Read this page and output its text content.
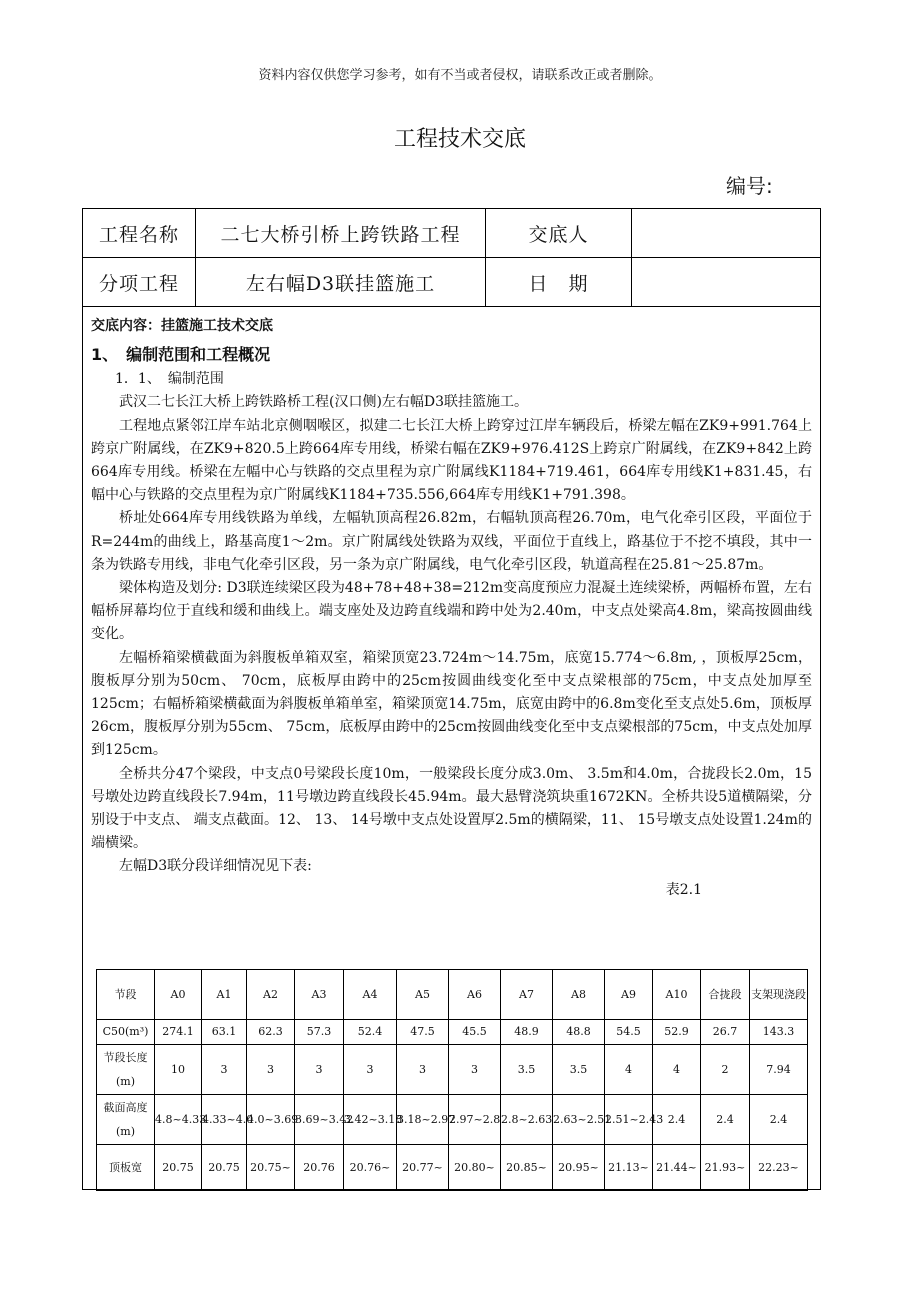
资料内容仅供您学习参考，如有不当或者侵权，请联系改正或者删除。
工程技术交底
编号:
工程名称	二七大桥引桥上跨铁路工程	交底人
分项工程	左右幅D3联挂篮施工	日　期

交底内容：挂篮施工技术交底

1、　编制范围和工程概况

1．1、　编制范围

武汉二七长江大桥上跨铁路桥工程(汉口侧)左右幅D3联挂篮施工。

工程地点紧邻江岸车站北京侧咽喉区，拟建二七长江大桥上跨穿过江岸车辆段后，桥梁左幅在ZK9+991.764上跨京广附属线，在ZK9+820.5上跨664库专用线，桥梁右幅在ZK9+976.412S上跨京广附属线，在ZK9+842上跨664库专用线。桥梁在左幅中心与铁路的交点里程为京广附属线K1184+719.461，664库专用线K1+831.45，右幅中心与铁路的交点里程为京广附属线K1184+735.556,664库专用线K1+791.398。

桥址处664库专用线铁路为单线，左幅轨顶高程26.82m，右幅轨顶高程26.70m，电气化牵引区段，平面位于R=244m的曲线上，路基高度1～2m。京广附属线处铁路为双线，平面位于直线上，路基位于不挖不填段，其中一条为铁路专用线，非电气化牵引区段，另一条为京广附属线，电气化牵引区段，轨道高程在25.81～25.87m。

梁体构造及划分: D3联连续梁区段为48+78+48+38=212m变高度预应力混凝土连续梁桥，两幅桥布置，左右幅桥屏幕均位于直线和缓和曲线上。端支座处及边跨直线端和跨中处为2.40m，中支点处梁高4.8m，梁高按圆曲线变化。

左幅桥箱梁横截面为斜腹板单箱双室，箱梁顶宽23.724m～14.75m，底宽15.774～6.8m, ，顶板厚25cm，腹板厚分别为50cm、 70cm，底板厚由跨中的25cm按圆曲线变化至中支点梁根部的75cm，中支点处加厚至125cm；右幅桥箱梁横截面为斜腹板单箱单室，箱梁顶宽14.75m，底宽由跨中的6.8m变化至支点处5.6m，顶板厚26cm，腹板厚分别为55cm、 75cm，底板厚由跨中的25cm按圆曲线变化至中支点梁根部的75cm，中支点处加厚到125cm。

全桥共分47个梁段，中支点0号梁段长度10m，一般梁段长度分成3.0m、 3.5m和4.0m，合拢段长2.0m，15号墩处边跨直线段长7.94m，11号墩边跨直线段长45.94m。最大悬臂浇筑块重1672KN。全桥共设5道横隔梁，分别设于中支点、 端支点截面。12、 13、 14号墩中支点处设置厚2.5m的横隔梁，11、 15号墩支点处设置1.24m的端横梁。

左幅D3联分段详细情况见下表:

表2.1

节段	A0	A1	A2	A3	A4	A5	A6	A7	A8	A9	A10	合拢段	支架现浇段
C50(m³)	274.1	63.1	62.3	57.3	52.4	47.5	45.5	48.9	48.8	54.5	52.9	26.7	143.3
节段长度(m)	10	3	3	3	3	3	3	3.5	3.5	4	4	2	7.94
截面高度(m)	4.8~4.33	4.33~4.0	4.0~3.69	3.69~3.42	3.42~3.18	3.18~2.97	2.97~2.8	2.8~2.63	2.63~2.51	2.51~2.43	2.4	2.4	2.4
顶板宽	20.75	20.75	20.75~	20.76	20.76~	20.77~	20.80~	20.85~	20.95~	21.13~	21.44~	21.93~	22.23~
